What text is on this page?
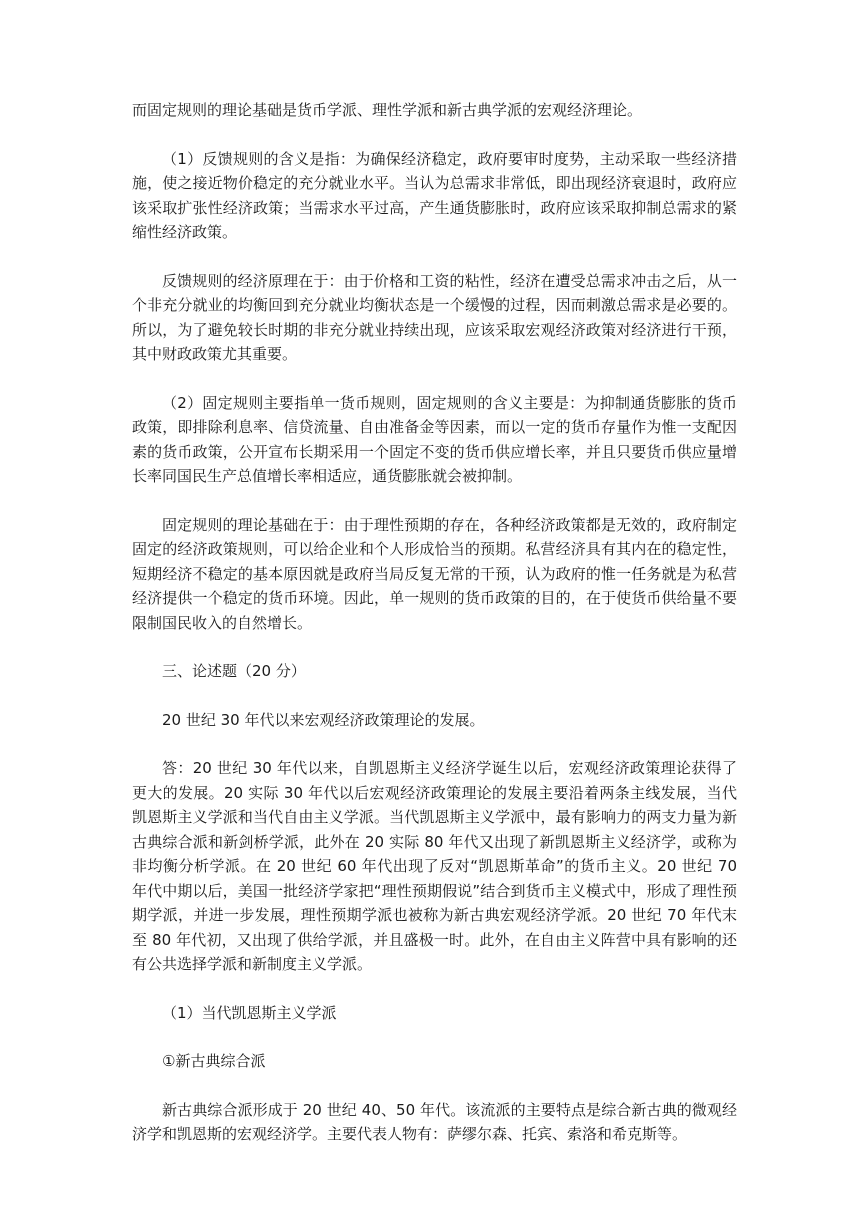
而固定规则的理论基础是货币学派、理性学派和新古典学派的宏观经济理论。

（1）反馈规则的含义是指：为确保经济稳定，政府要审时度势，主动采取一些经济措施，使之接近物价稳定的充分就业水平。当认为总需求非常低，即出现经济衰退时，政府应该采取扩张性经济政策；当需求水平过高，产生通货膨胀时，政府应该采取抑制总需求的紧缩性经济政策。

反馈规则的经济原理在于：由于价格和工资的粘性，经济在遭受总需求冲击之后，从一个非充分就业的均衡回到充分就业均衡状态是一个缓慢的过程，因而刺激总需求是必要的。所以，为了避免较长时期的非充分就业持续出现，应该采取宏观经济政策对经济进行干预，其中财政政策尤其重要。

（2）固定规则主要指单一货币规则，固定规则的含义主要是：为抑制通货膨胀的货币政策，即排除利息率、信贷流量、自由准备金等因素，而以一定的货币存量作为惟一支配因素的货币政策，公开宣布长期采用一个固定不变的货币供应增长率，并且只要货币供应量增长率同国民生产总值增长率相适应，通货膨胀就会被抑制。

固定规则的理论基础在于：由于理性预期的存在，各种经济政策都是无效的，政府制定固定的经济政策规则，可以给企业和个人形成恰当的预期。私营经济具有其内在的稳定性，短期经济不稳定的基本原因就是政府当局反复无常的干预，认为政府的惟一任务就是为私营经济提供一个稳定的货币环境。因此，单一规则的货币政策的目的，在于使货币供给量不要限制国民收入的自然增长。

三、论述题（20 分）

20 世纪 30 年代以来宏观经济政策理论的发展。

答：20 世纪 30 年代以来，自凯恩斯主义经济学诞生以后，宏观经济政策理论获得了更大的发展。20 实际 30 年代以后宏观经济政策理论的发展主要沿着两条主线发展，当代凯恩斯主义学派和当代自由主义学派。当代凯恩斯主义学派中，最有影响力的两支力量为新古典综合派和新剑桥学派，此外在 20 实际 80 年代又出现了新凯恩斯主义经济学，或称为非均衡分析学派。在 20 世纪 60 年代出现了反对“凯恩斯革命”的货币主义。20 世纪 70 年代中期以后，美国一批经济学家把“理性预期假说”结合到货币主义模式中，形成了理性预期学派，并进一步发展，理性预期学派也被称为新古典宏观经济学派。20 世纪 70 年代末至 80 年代初，又出现了供给学派，并且盛极一时。此外，在自由主义阵营中具有影响的还有公共选择学派和新制度主义学派。

（1）当代凯恩斯主义学派

①新古典综合派

新古典综合派形成于 20 世纪 40、50 年代。该流派的主要特点是综合新古典的微观经济学和凯恩斯的宏观经济学。主要代表人物有：萨缪尔森、托宾、索洛和希克斯等。
